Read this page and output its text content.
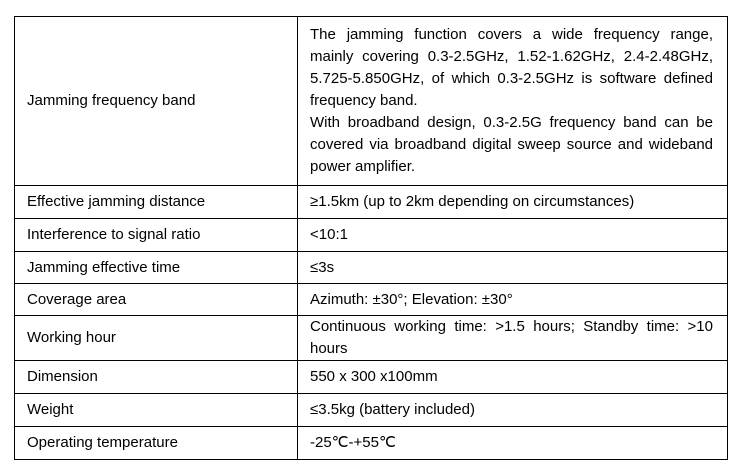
Jamming frequency band	The jamming function covers a wide frequency range, mainly covering 0.3-2.5GHz, 1.52-1.62GHz, 2.4-2.48GHz, 5.725-5.850GHz, of which 0.3-2.5GHz is software defined frequency band.
With broadband design, 0.3-2.5G frequency band can be covered via broadband digital sweep source and wideband power amplifier.

Effective jamming distance	≥1.5km (up to 2km depending on circumstances)
Interference to signal ratio	<10:1
Jamming effective time	≤3s
Coverage area	Azimuth: ±30°; Elevation: ±30°
Working hour	Continuous working time: >1.5 hours; Standby time: >10 hours
Dimension	550 x 300 x100mm
Weight	≤3.5kg (battery included)
Operating temperature	-25℃-+55℃
